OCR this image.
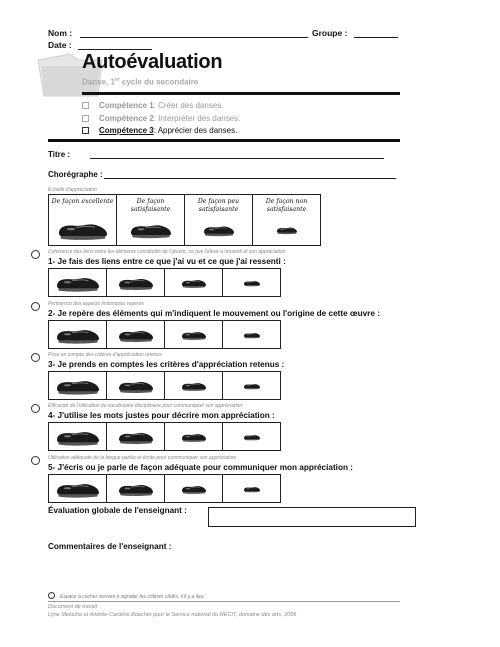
Nom :	Groupe :
Date :
Autoévaluation
Danse, 1er cycle du secondaire
Compétence 1: Créer des danses.
Compétence 2: Interpréter des danses.
Compétence 3: Apprécier des danses.
Titre :
Chorégraphe :
Échelle d'appréciation
De façon excellente	De façon satisfaisante
De façon peu satisfaisante
De façon non satisfaisante
Cohérence des liens entre les éléments constitutifs de l'œuvre, ce que l'élève a ressenti et son appréciation
1- Je fais des liens entre ce que j'ai vu et ce que j'ai ressenti :
Pertinence des aspects historiques repérés
2- Je repère des éléments qui m'indiquent le mouvement ou l'origine de cette œuvre :
Prise en compte des critères d'appréciation retenus
3- Je prends en comptes les critères d'appréciation retenus :
Efficacité de l'utilisation du vocabulaire disciplinaire pour communiquer son appréciation
4- J'utilise les mots justes pour décrire mon appréciation :
Utilisation adéquate de la langue parlée et écrite pour communiquer son appréciation
5- J'écris ou je parle de façon adéquate pour communiquer mon appréciation :
Évaluation globale de l'enseignant :
Commentaires de l'enseignant :
Espace à cocher servant à signaler les critères ciblés, s'il y a lieu.
Document de travail
Lyne Meloche et Andrée-Caroline Boucher pour le Service national du RÉCIT, domaine des arts, 2006
